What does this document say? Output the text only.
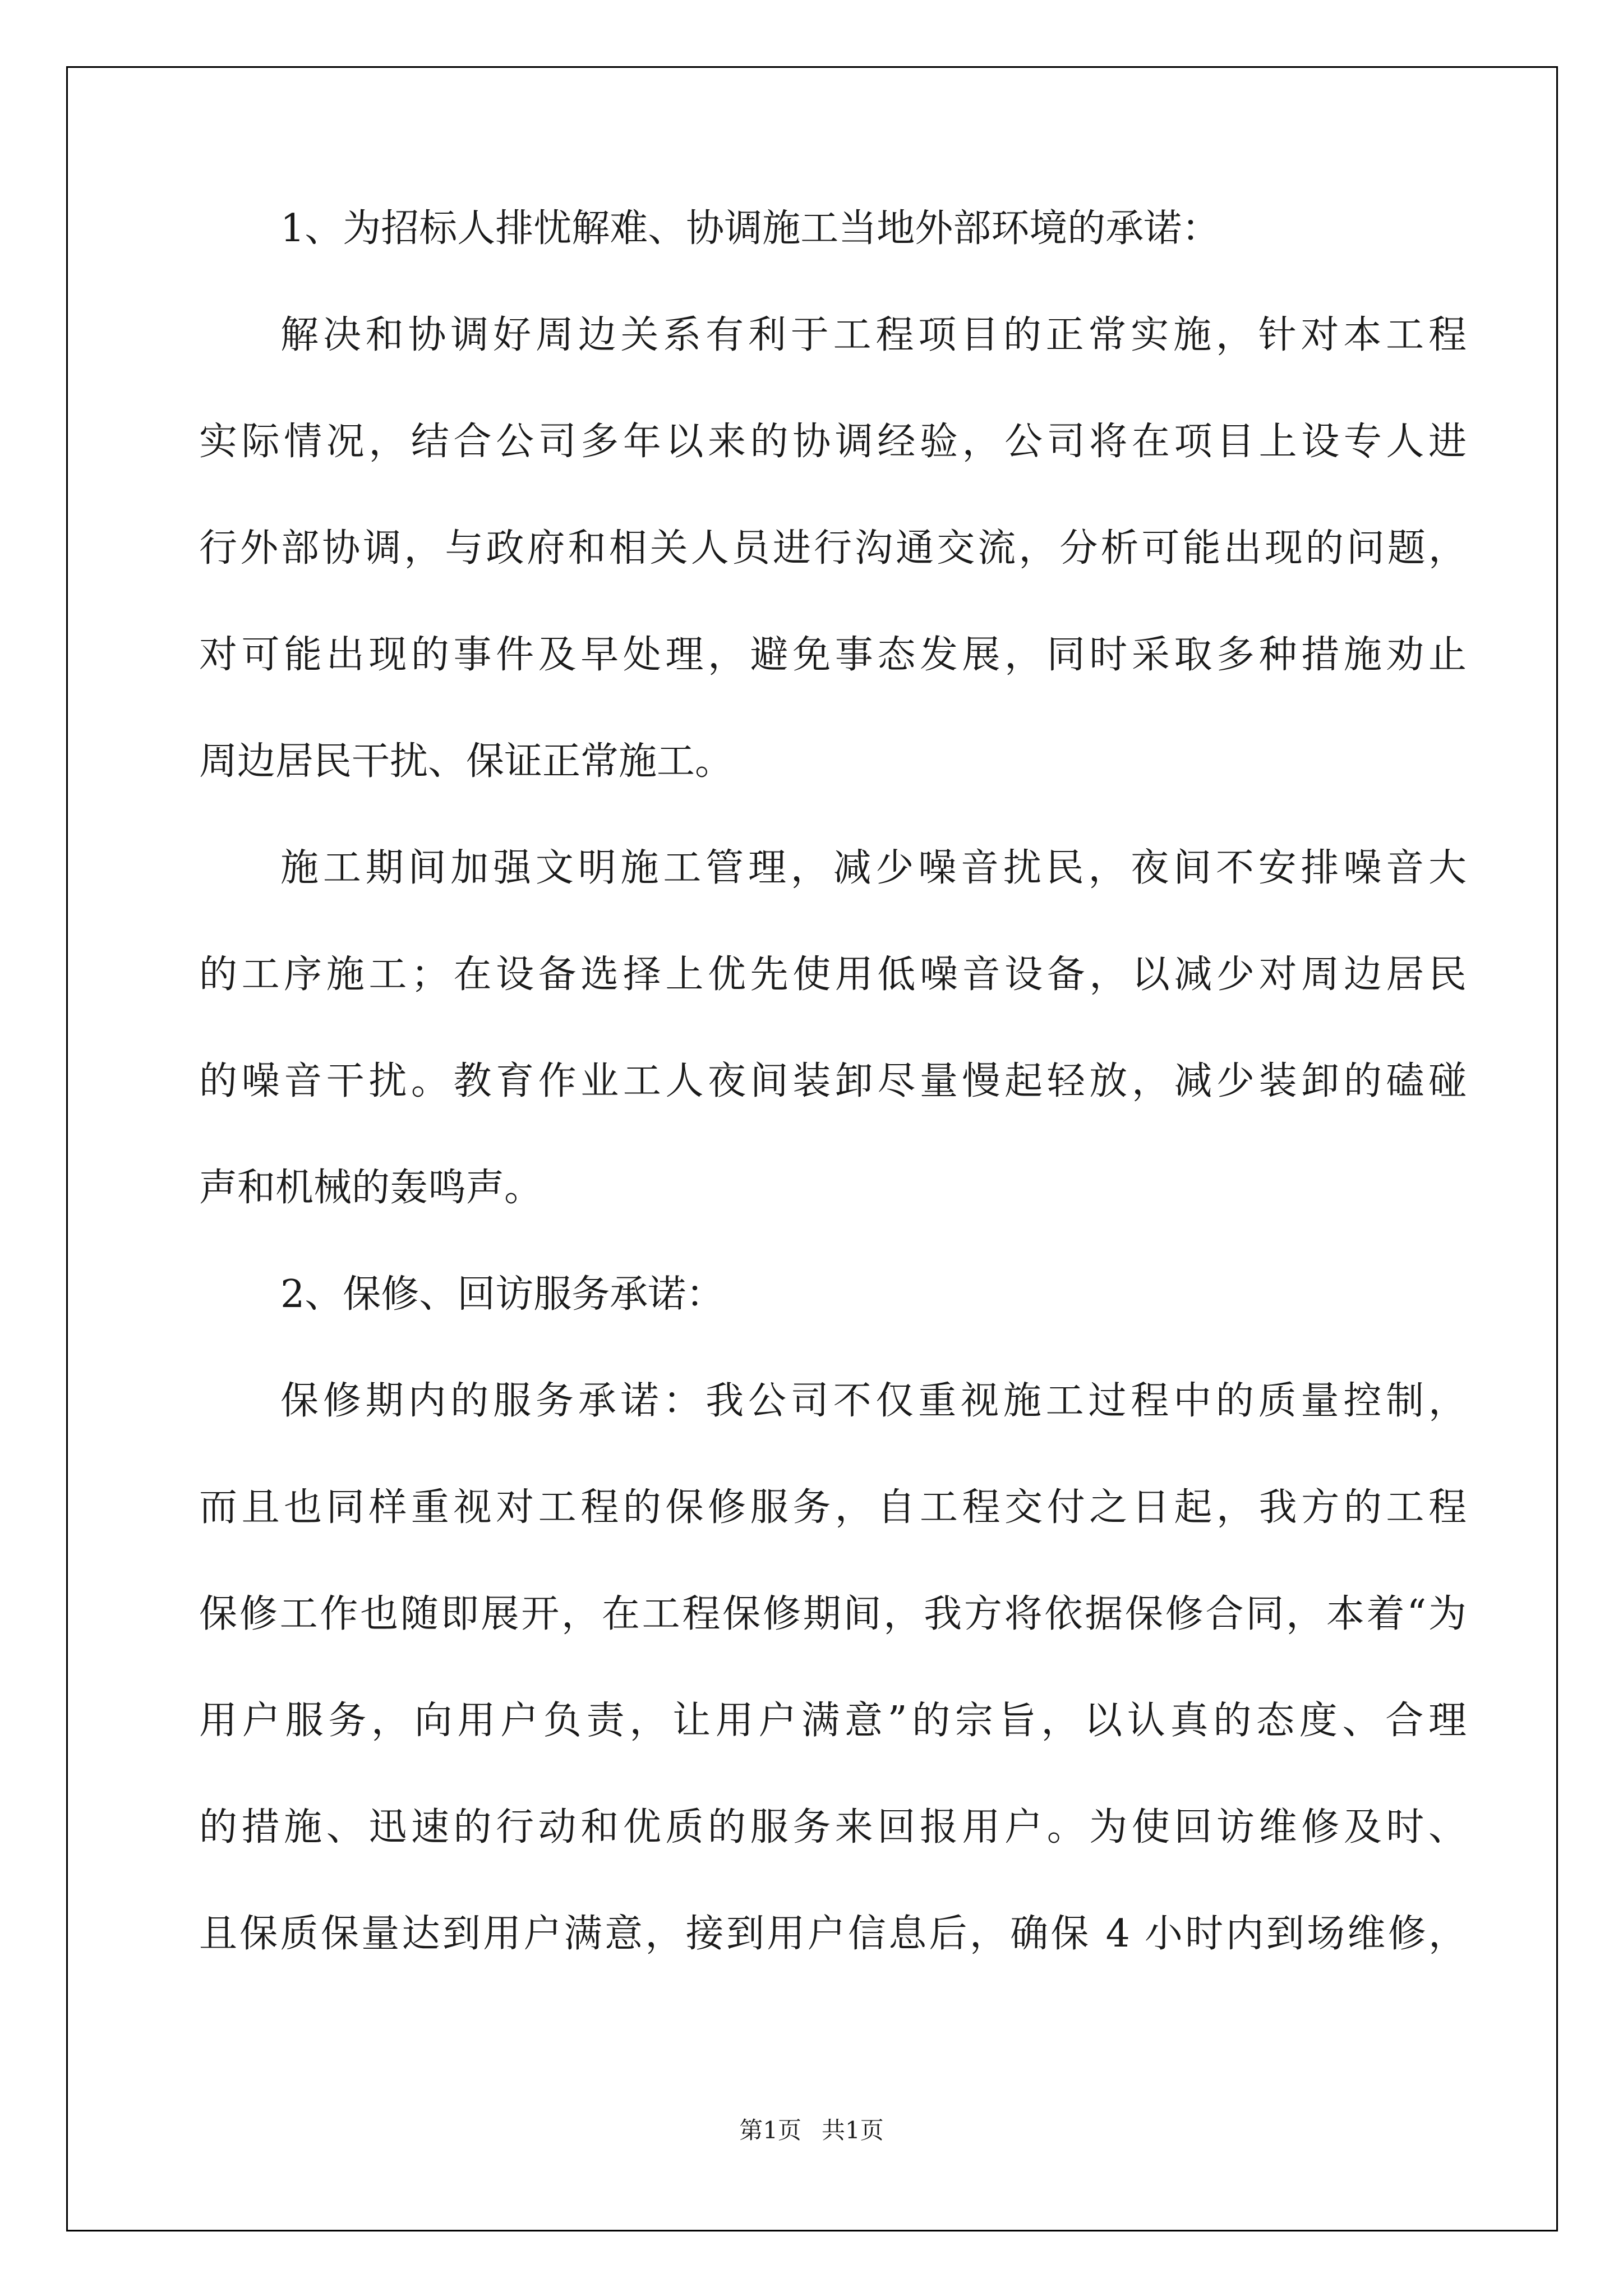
1、为招标人排忧解难、协调施工当地外部环境的承诺：
解决和协调好周边关系有利于工程项目的正常实施，针对本工程
实际情况，结合公司多年以来的协调经验，公司将在项目上设专人进
行外部协调，与政府和相关人员进行沟通交流，分析可能出现的问题，
对可能出现的事件及早处理，避免事态发展，同时采取多种措施劝止
周边居民干扰、保证正常施工。
施工期间加强文明施工管理，减少噪音扰民，夜间不安排噪音大
的工序施工；在设备选择上优先使用低噪音设备，以减少对周边居民
的噪音干扰。教育作业工人夜间装卸尽量慢起轻放，减少装卸的磕碰
声和机械的轰鸣声。
2、保修、回访服务承诺：
保修期内的服务承诺：我公司不仅重视施工过程中的质量控制，
而且也同样重视对工程的保修服务，自工程交付之日起，我方的工程
保修工作也随即展开，在工程保修期间，我方将依据保修合同，本着“为
用户服务，向用户负责，让用户满意”的宗旨，以认真的态度、合理
的措施、迅速的行动和优质的服务来回报用户。为使回访维修及时、
且保质保量达到用户满意，接到用户信息后，确保 4 小时内到场维修，
第1页 共1页
